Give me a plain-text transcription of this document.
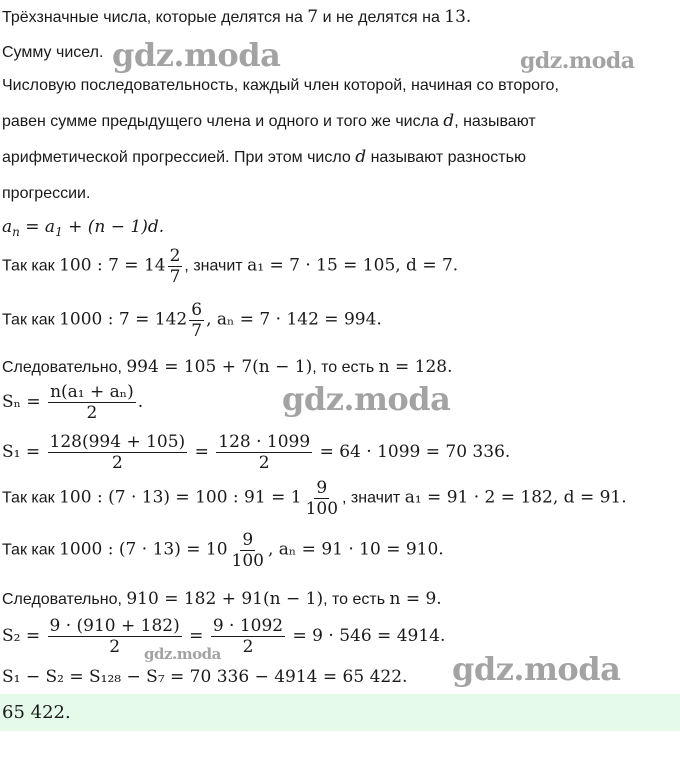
Трёхзначные числа, которые делятся на 7 и не делятся на 13.
Сумму чисел.
Числовую последовательность, каждый член которой, начиная со второго,
равен сумме предыдущего члена и одного и того же числа d, называют
арифметической прогрессией. При этом число d называют разностью
прогрессии.
$a_n = a_1 + (n - 1)d$.
Так как 100 : $7 = 14 \frac{2}{7}$ , значит a₁ = 7 · 15 = 105, d = 7.
Так как 1000 : $7 = 142 \frac{6}{7}$ , aₙ = 7 · 142 = 994.
Следовательно, 994 = 105 + 7(n − 1), то есть n = 128.
$S_n = \frac{\text{n(a₁ + aₙ)}}{2}$ .
$S_1 = \frac{128(994 + 105)}{2} = \frac{128 \cdot 1099}{2} = 64 \cdot 1099 = 70$ 336.
Так как 100 : (7 · 13) = 100 : $91 = 1 \frac{9}{100}$ , значит a₁ = 91 · 2 = 182, d = 91.
Так как 1000 : $(7 \cdot 13) = 10 \frac{9}{100}$ , aₙ = 91 · 10 = 910.
Следовательно, 910 = 182 + 91(n − 1), то есть n = 9.
$S_2 = \frac{9 \cdot (910 + 182)}{2} = \frac{9 \cdot 1092}{2} = 9 \cdot 546 = 4914$.
S₁ − S₂ = S₁₂₈ − S₇ = 70 336 − 4914 = 65 422.
65 422.
gdz.moda	gdz.moda
gdz.moda
gdz.moda	gdz.moda
